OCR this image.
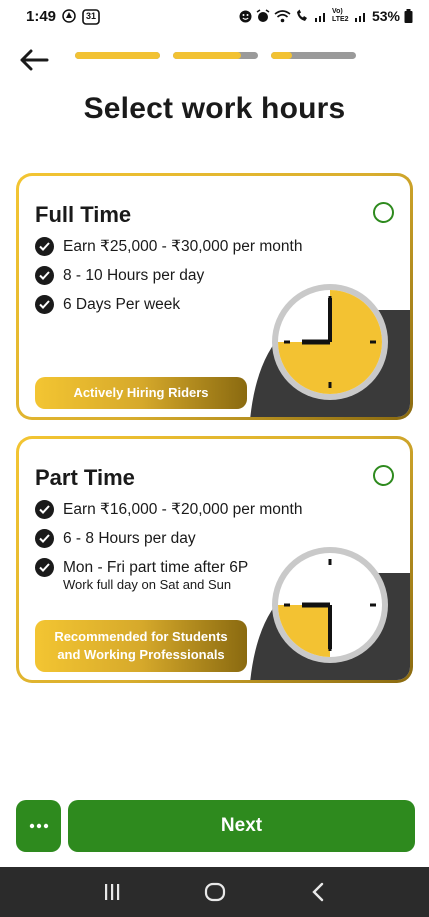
1:49	31	Vo) LTE2 53%
Select work hours
Full Time
Earn ₹25,000 - ₹30,000 per month
8 - 10 Hours per day
6 Days Per week
Actively Hiring Riders
Part Time
Earn ₹16,000 - ₹20,000 per month
6 - 8 Hours per day
Mon - Fri part time after 6P
Work full day on Sat and Sun
Recommended for Students
and Working Professionals
Next
